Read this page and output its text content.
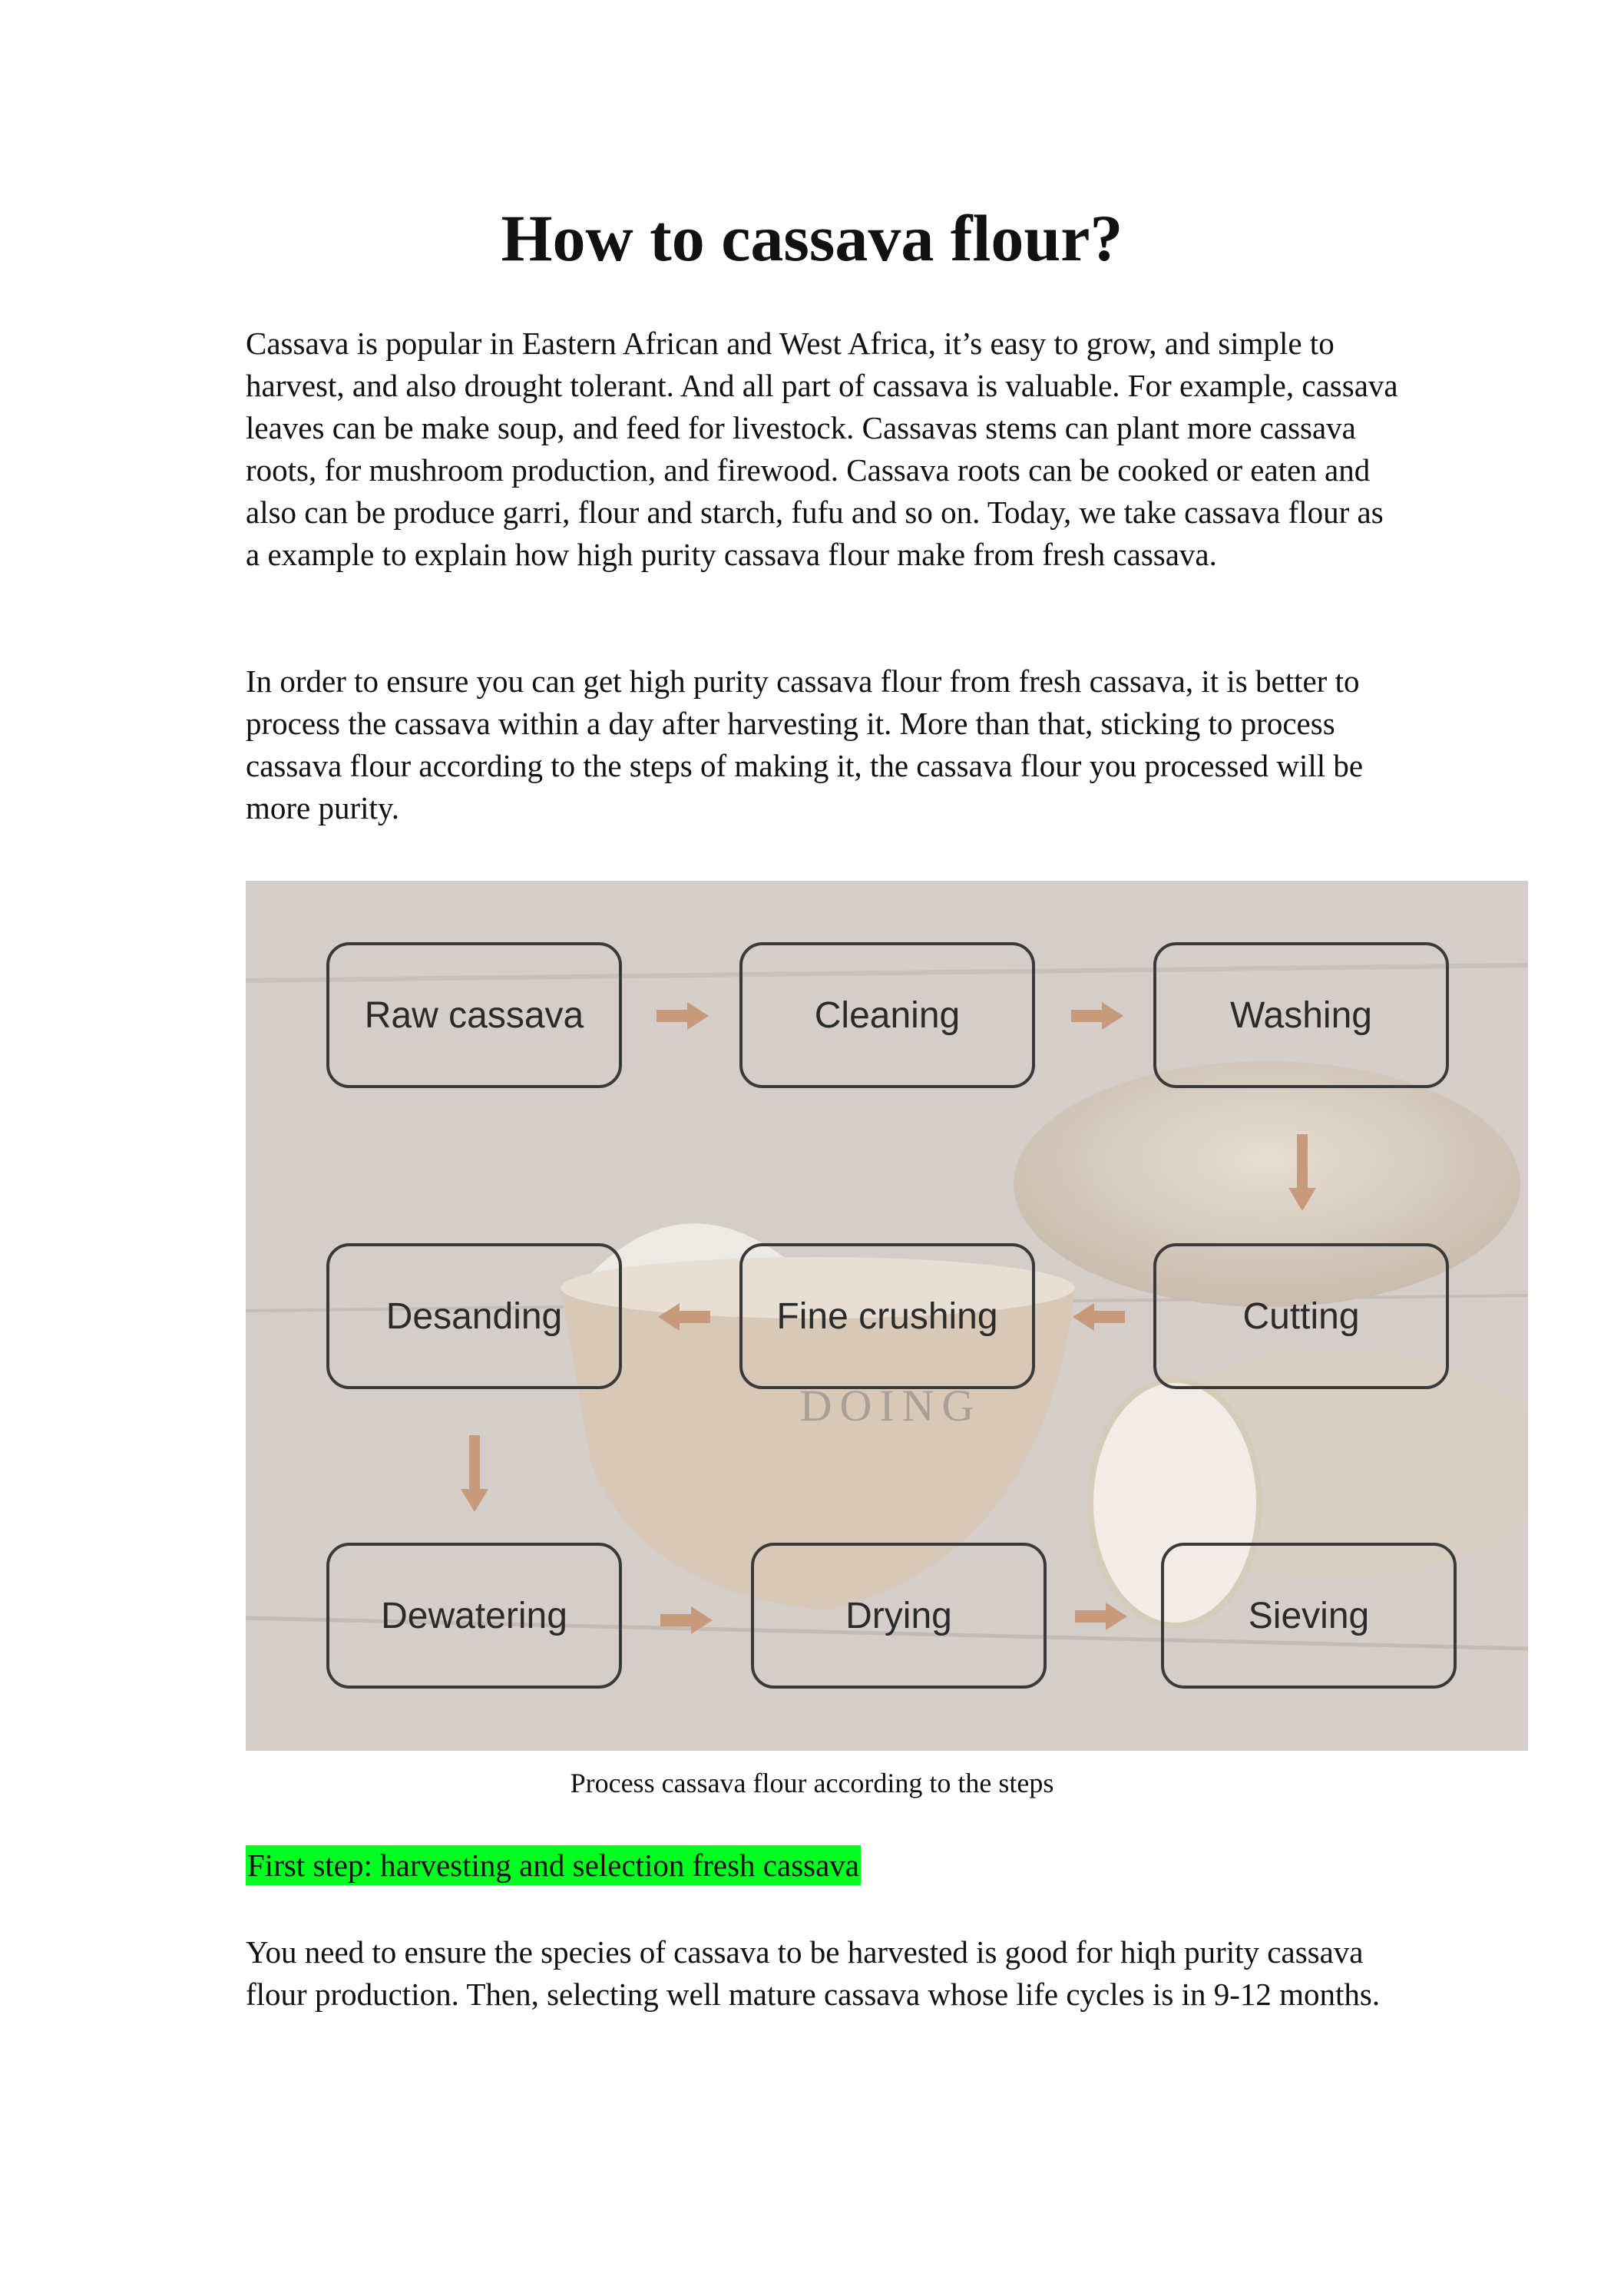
How to cassava flour?

Cassava is popular in Eastern African and West Africa, it’s easy to grow, and simple to harvest, and also drought tolerant. And all part of cassava is valuable. For example, cassava leaves can be make soup, and feed for livestock. Cassavas stems can plant more cassava roots, for mushroom production, and firewood. Cassava roots can be cooked or eaten and also can be produce garri, flour and starch, fufu and so on. Today, we take cassava flour as a example to explain how high purity cassava flour make from fresh cassava.

In order to ensure you can get high purity cassava flour from fresh cassava, it is better to process the cassava within a day after harvesting it. More than that, sticking to process cassava flour according to the steps of making it, the cassava flour you processed will be more purity.

Raw cassava	Cleaning	Washing
Cutting
Fine crushing
Desanding
Dewatering	Drying	Sieving
DOING

Process cassava flour according to the steps

First step: harvesting and selection fresh cassava

You need to ensure the species of cassava to be harvested is good for hiqh purity cassava flour production. Then, selecting well mature cassava whose life cycles is in 9-12 months.
